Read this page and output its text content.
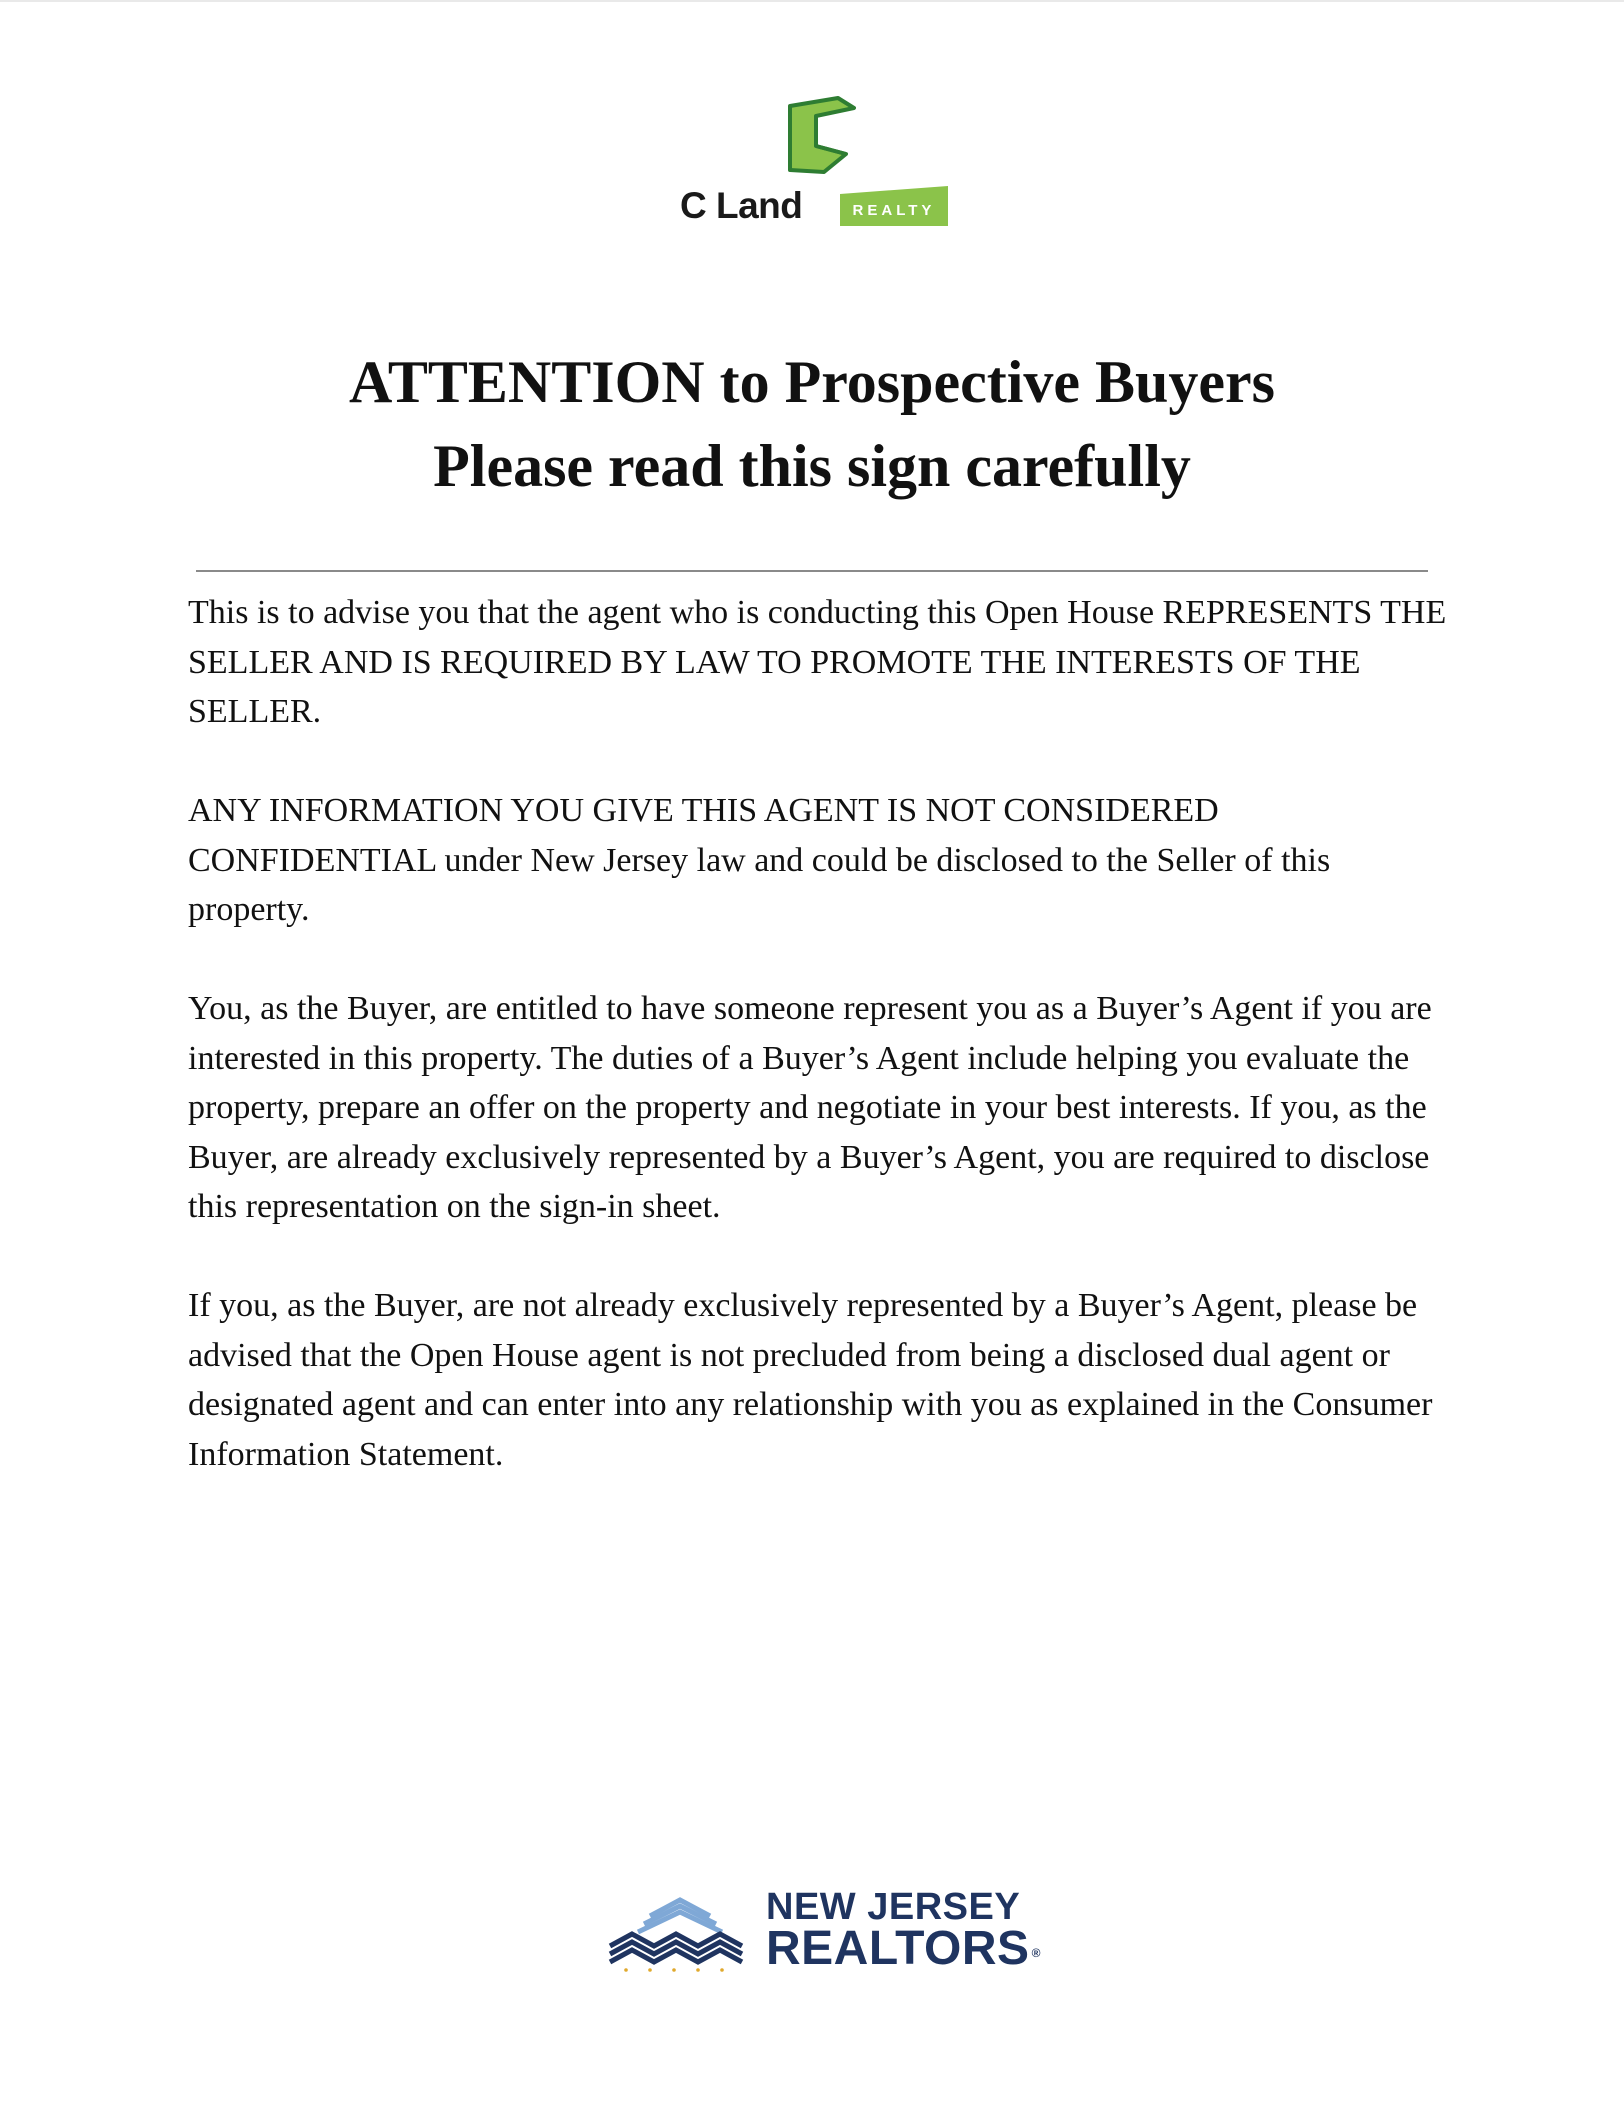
C Land	REALTY
ATTENTION to Prospective Buyers
Please read this sign carefully

This is to advise you that the agent who is conducting this Open House REPRESENTS THE SELLER AND IS REQUIRED BY LAW TO PROMOTE THE INTERESTS OF THE SELLER.

ANY INFORMATION YOU GIVE THIS AGENT IS NOT CONSIDERED CONFIDENTIAL under New Jersey law and could be disclosed to the Seller of this property.

You, as the Buyer, are entitled to have someone represent you as a Buyer’s Agent if you are interested in this property. The duties of a Buyer’s Agent include helping you evaluate the property, prepare an offer on the property and negotiate in your best interests. If you, as the Buyer, are already exclusively represented by a Buyer’s Agent, you are required to disclose this representation on the sign-in sheet.

If you, as the Buyer, are not already exclusively represented by a Buyer’s Agent, please be advised that the Open House agent is not precluded from being a disclosed dual agent or designated agent and can enter into any relationship with you as explained in the Consumer Information Statement.

NEW JERSEY
REALTORS ®
